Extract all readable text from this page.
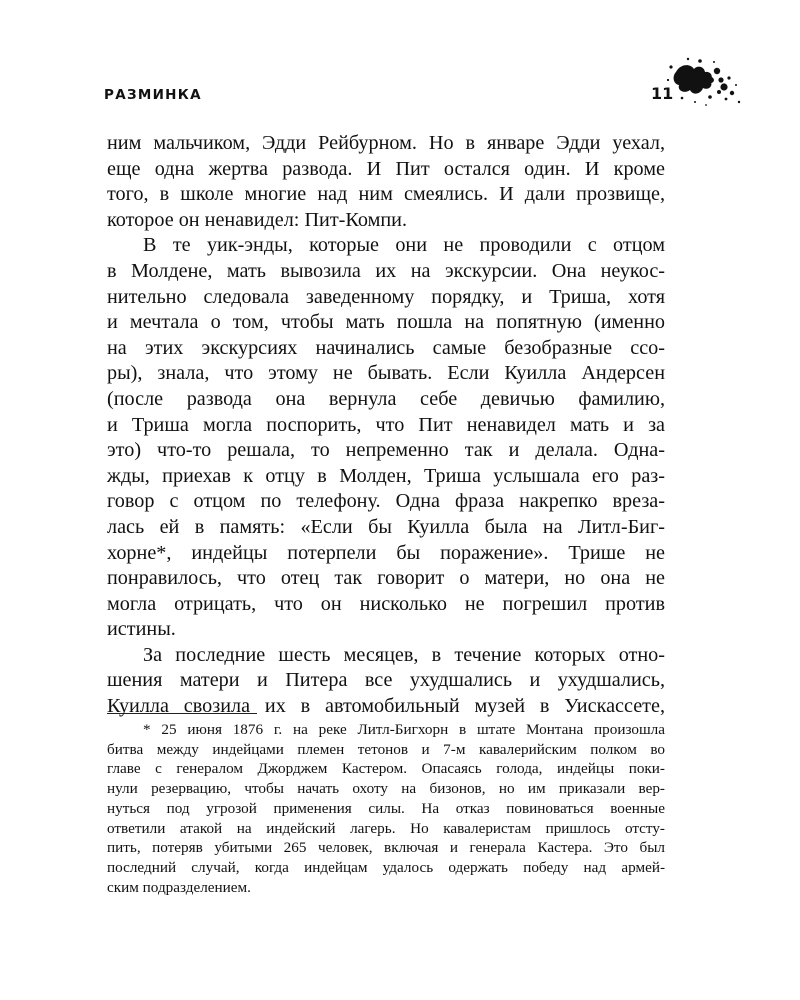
РАЗМИНКА	11
ним мальчиком, Эдди Рейбурном. Но в январе Эдди уехал,
еще одна жертва развода. И Пит остался один. И кроме
того, в школе многие над ним смеялись. И дали прозвище,
которое он ненавидел: Пит-Компи.
В те уик-энды, которые они не проводили с отцом
в Молдене, мать вывозила их на экскурсии. Она неукос-
нительно следовала заведенному порядку, и Триша, хотя
и мечтала о том, чтобы мать пошла на попятную (именно
на этих экскурсиях начинались самые безобразные ссо-
ры), знала, что этому не бывать. Если Куилла Андерсен
(после развода она вернула себе девичью фамилию,
и Триша могла поспорить, что Пит ненавидел мать и за
это) что-то решала, то непременно так и делала. Одна-
жды, приехав к отцу в Молден, Триша услышала его раз-
говор с отцом по телефону. Одна фраза накрепко вреза-
лась ей в память: «Если бы Куилла была на Литл-Биг-
хорне*, индейцы потерпели бы поражение». Трише не
понравилось, что отец так говорит о матери, но она не
могла отрицать, что он нисколько не погрешил против
истины.
За последние шесть месяцев, в течение которых отно-
шения матери и Питера все ухудшались и ухудшались,
Куилла свозила их в автомобильный музей в Уискассете,
* 25 июня 1876 г. на реке Литл-Бигхорн в штате Монтана произошла
битва между индейцами племен тетонов и 7-м кавалерийским полком во
главе с генералом Джорджем Кастером. Опасаясь голода, индейцы поки-
нули резервацию, чтобы начать охоту на бизонов, но им приказали вер-
нуться под угрозой применения силы. На отказ повиноваться военные
ответили атакой на индейский лагерь. Но кавалеристам пришлось отсту-
пить, потеряв убитыми 265 человек, включая и генерала Кастера. Это был
последний случай, когда индейцам удалось одержать победу над армей-
ским подразделением.
